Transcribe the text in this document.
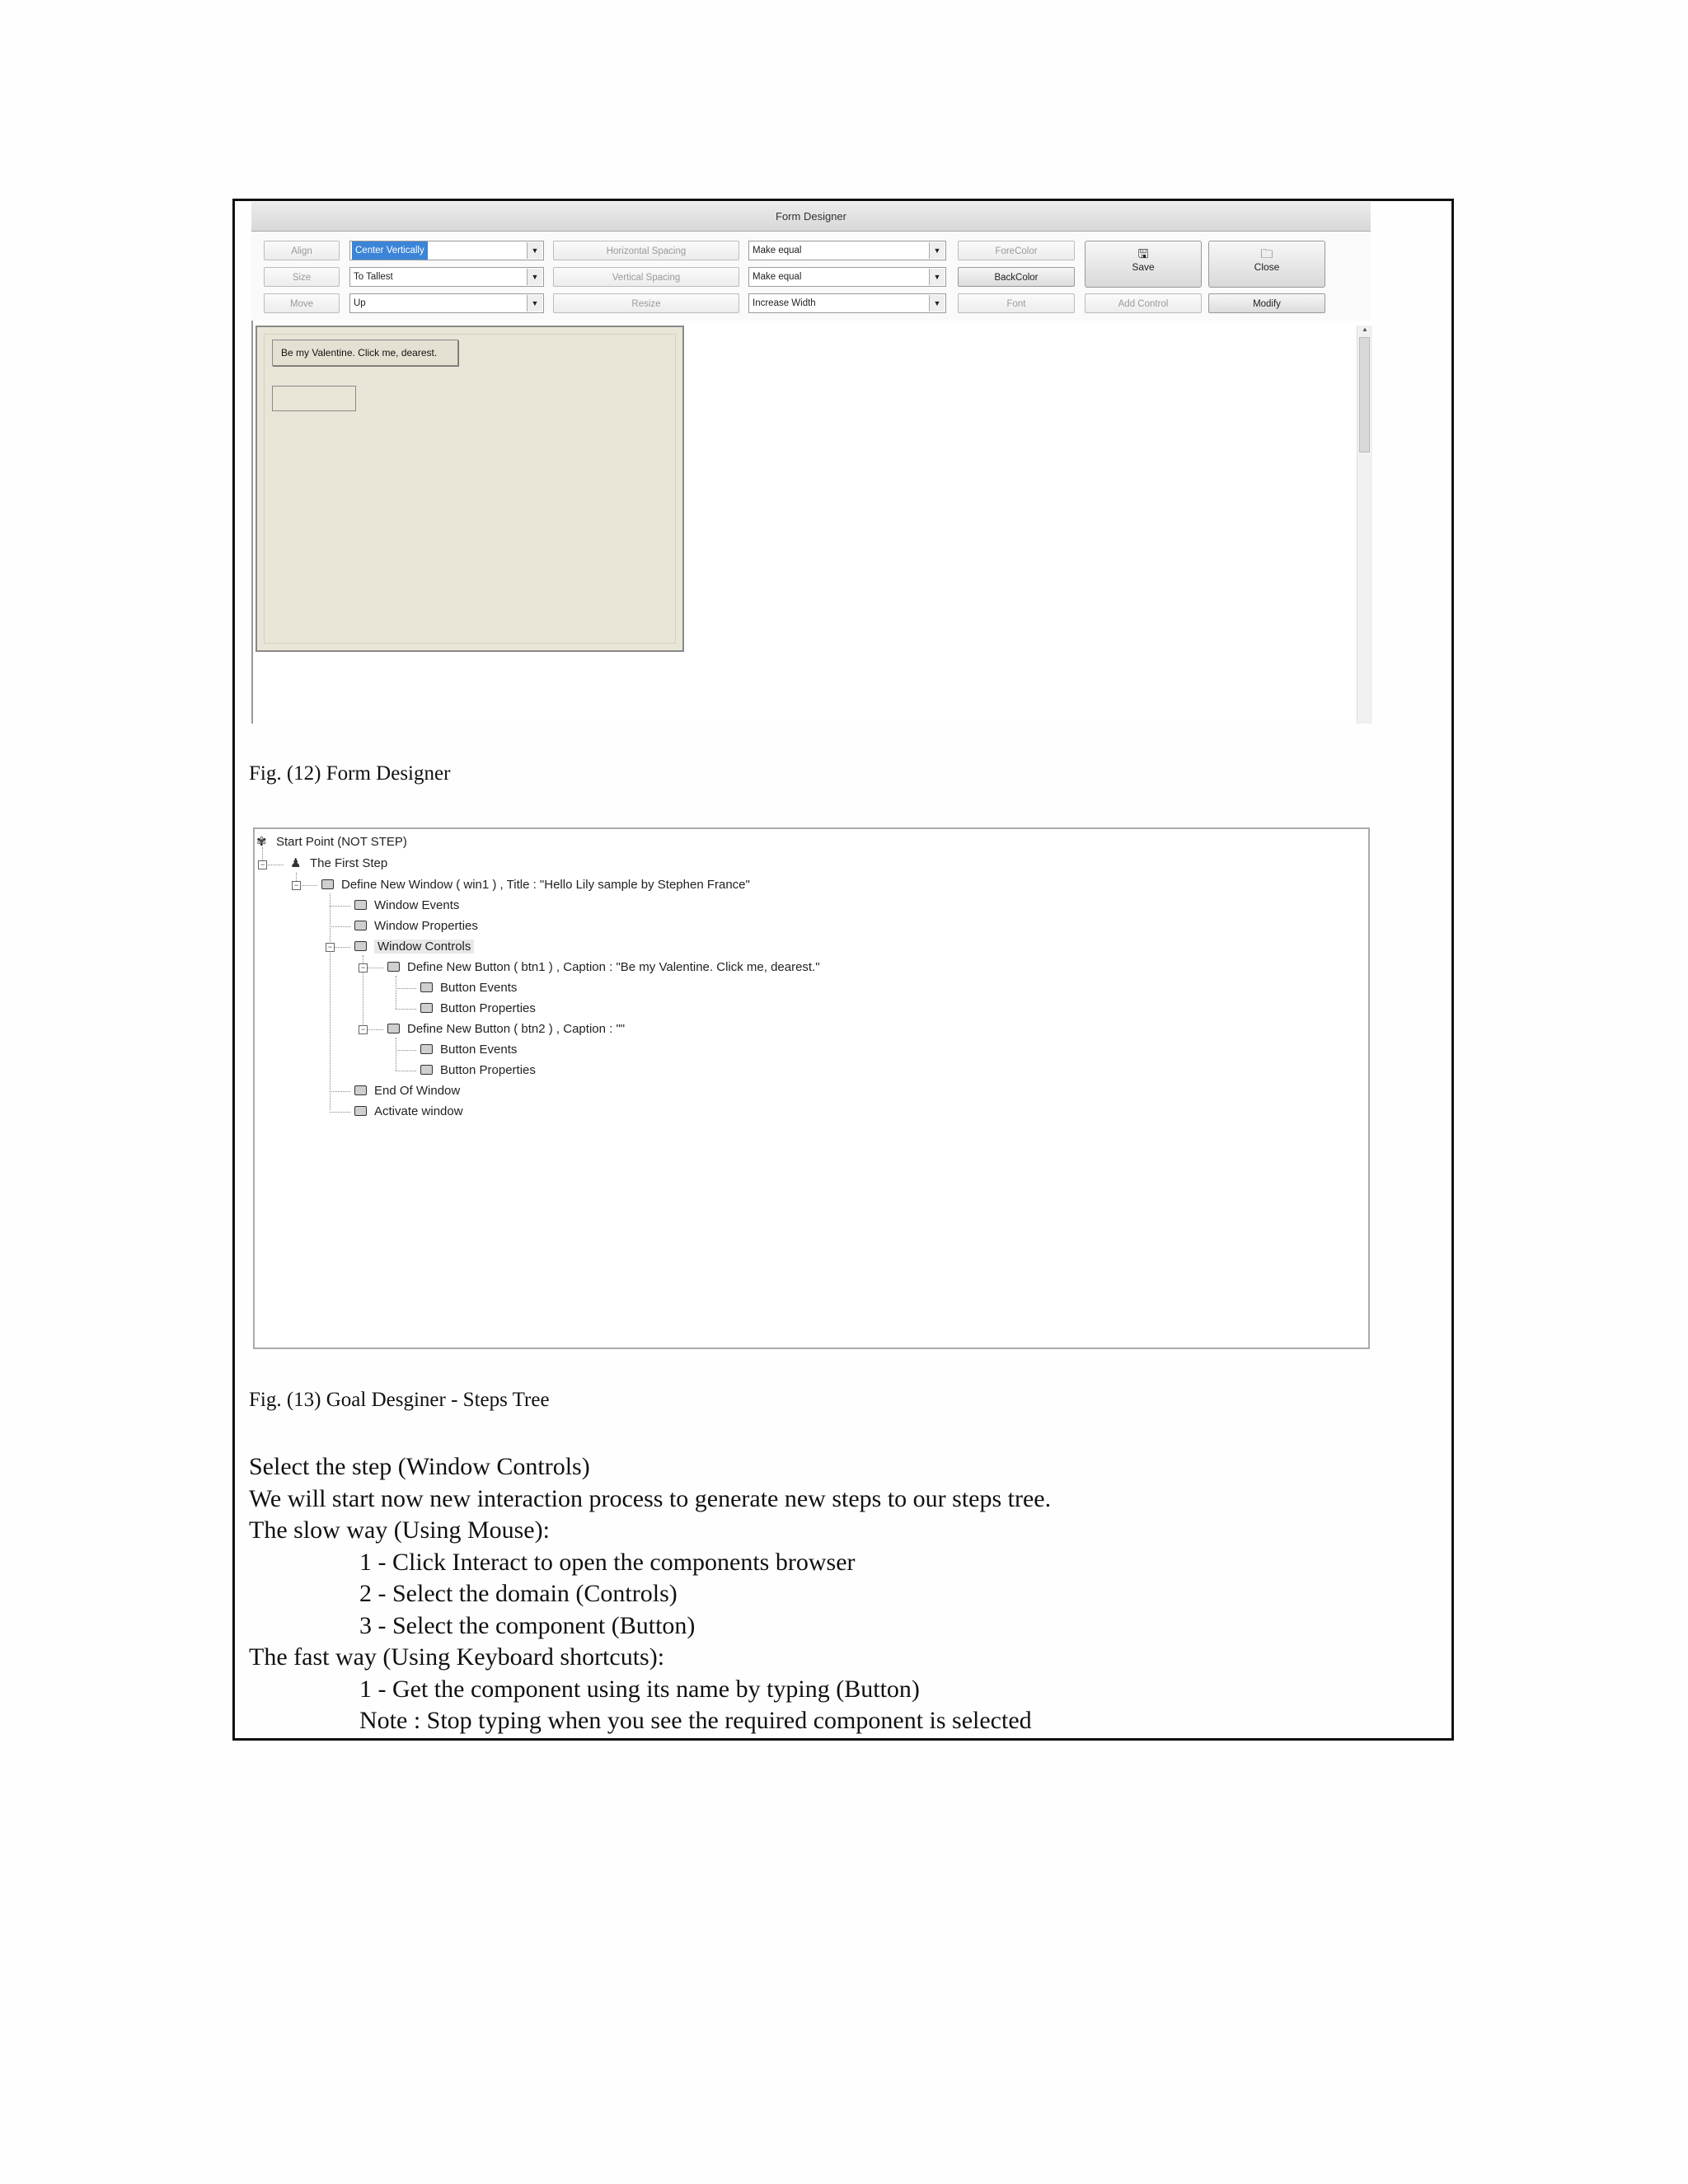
Form Designer
Align
Size
Move
Center Vertically	▼
To Tallest	▼
Up	▼
Horizontal Spacing
Vertical Spacing
Resize
Make equal	▼
Make equal	▼
Increase Width	▼
ForeColor
BackColor
Font
🖫
Save
Add Control
🗀
Close
Modify
Be my Valentine. Click me, dearest.
▲
Fig. (12) Form Designer
−
−
−
−
−
✾ Start Point (NOT STEP)
♟ The First Step
Define New Window ( win1 ) , Title : "Hello Lily sample by Stephen France"
Window Events
Window Properties
Window Controls
Define New Button ( btn1 ) , Caption : "Be my Valentine. Click me, dearest."
Button Events
Button Properties
Define New Button ( btn2 ) , Caption : ""
Button Events
Button Properties
End Of Window
Activate window
Fig. (13) Goal Desginer - Steps Tree
Select the step (Window Controls)
We will start now new interaction process to generate new steps to our steps tree.
The slow way (Using Mouse):
1 - Click Interact to open the components browser
2 - Select the domain (Controls)
3 - Select the component (Button)
The fast way (Using Keyboard shortcuts):
1 - Get the component using its name by typing (Button)
Note : Stop typing when you see the required component is selected
